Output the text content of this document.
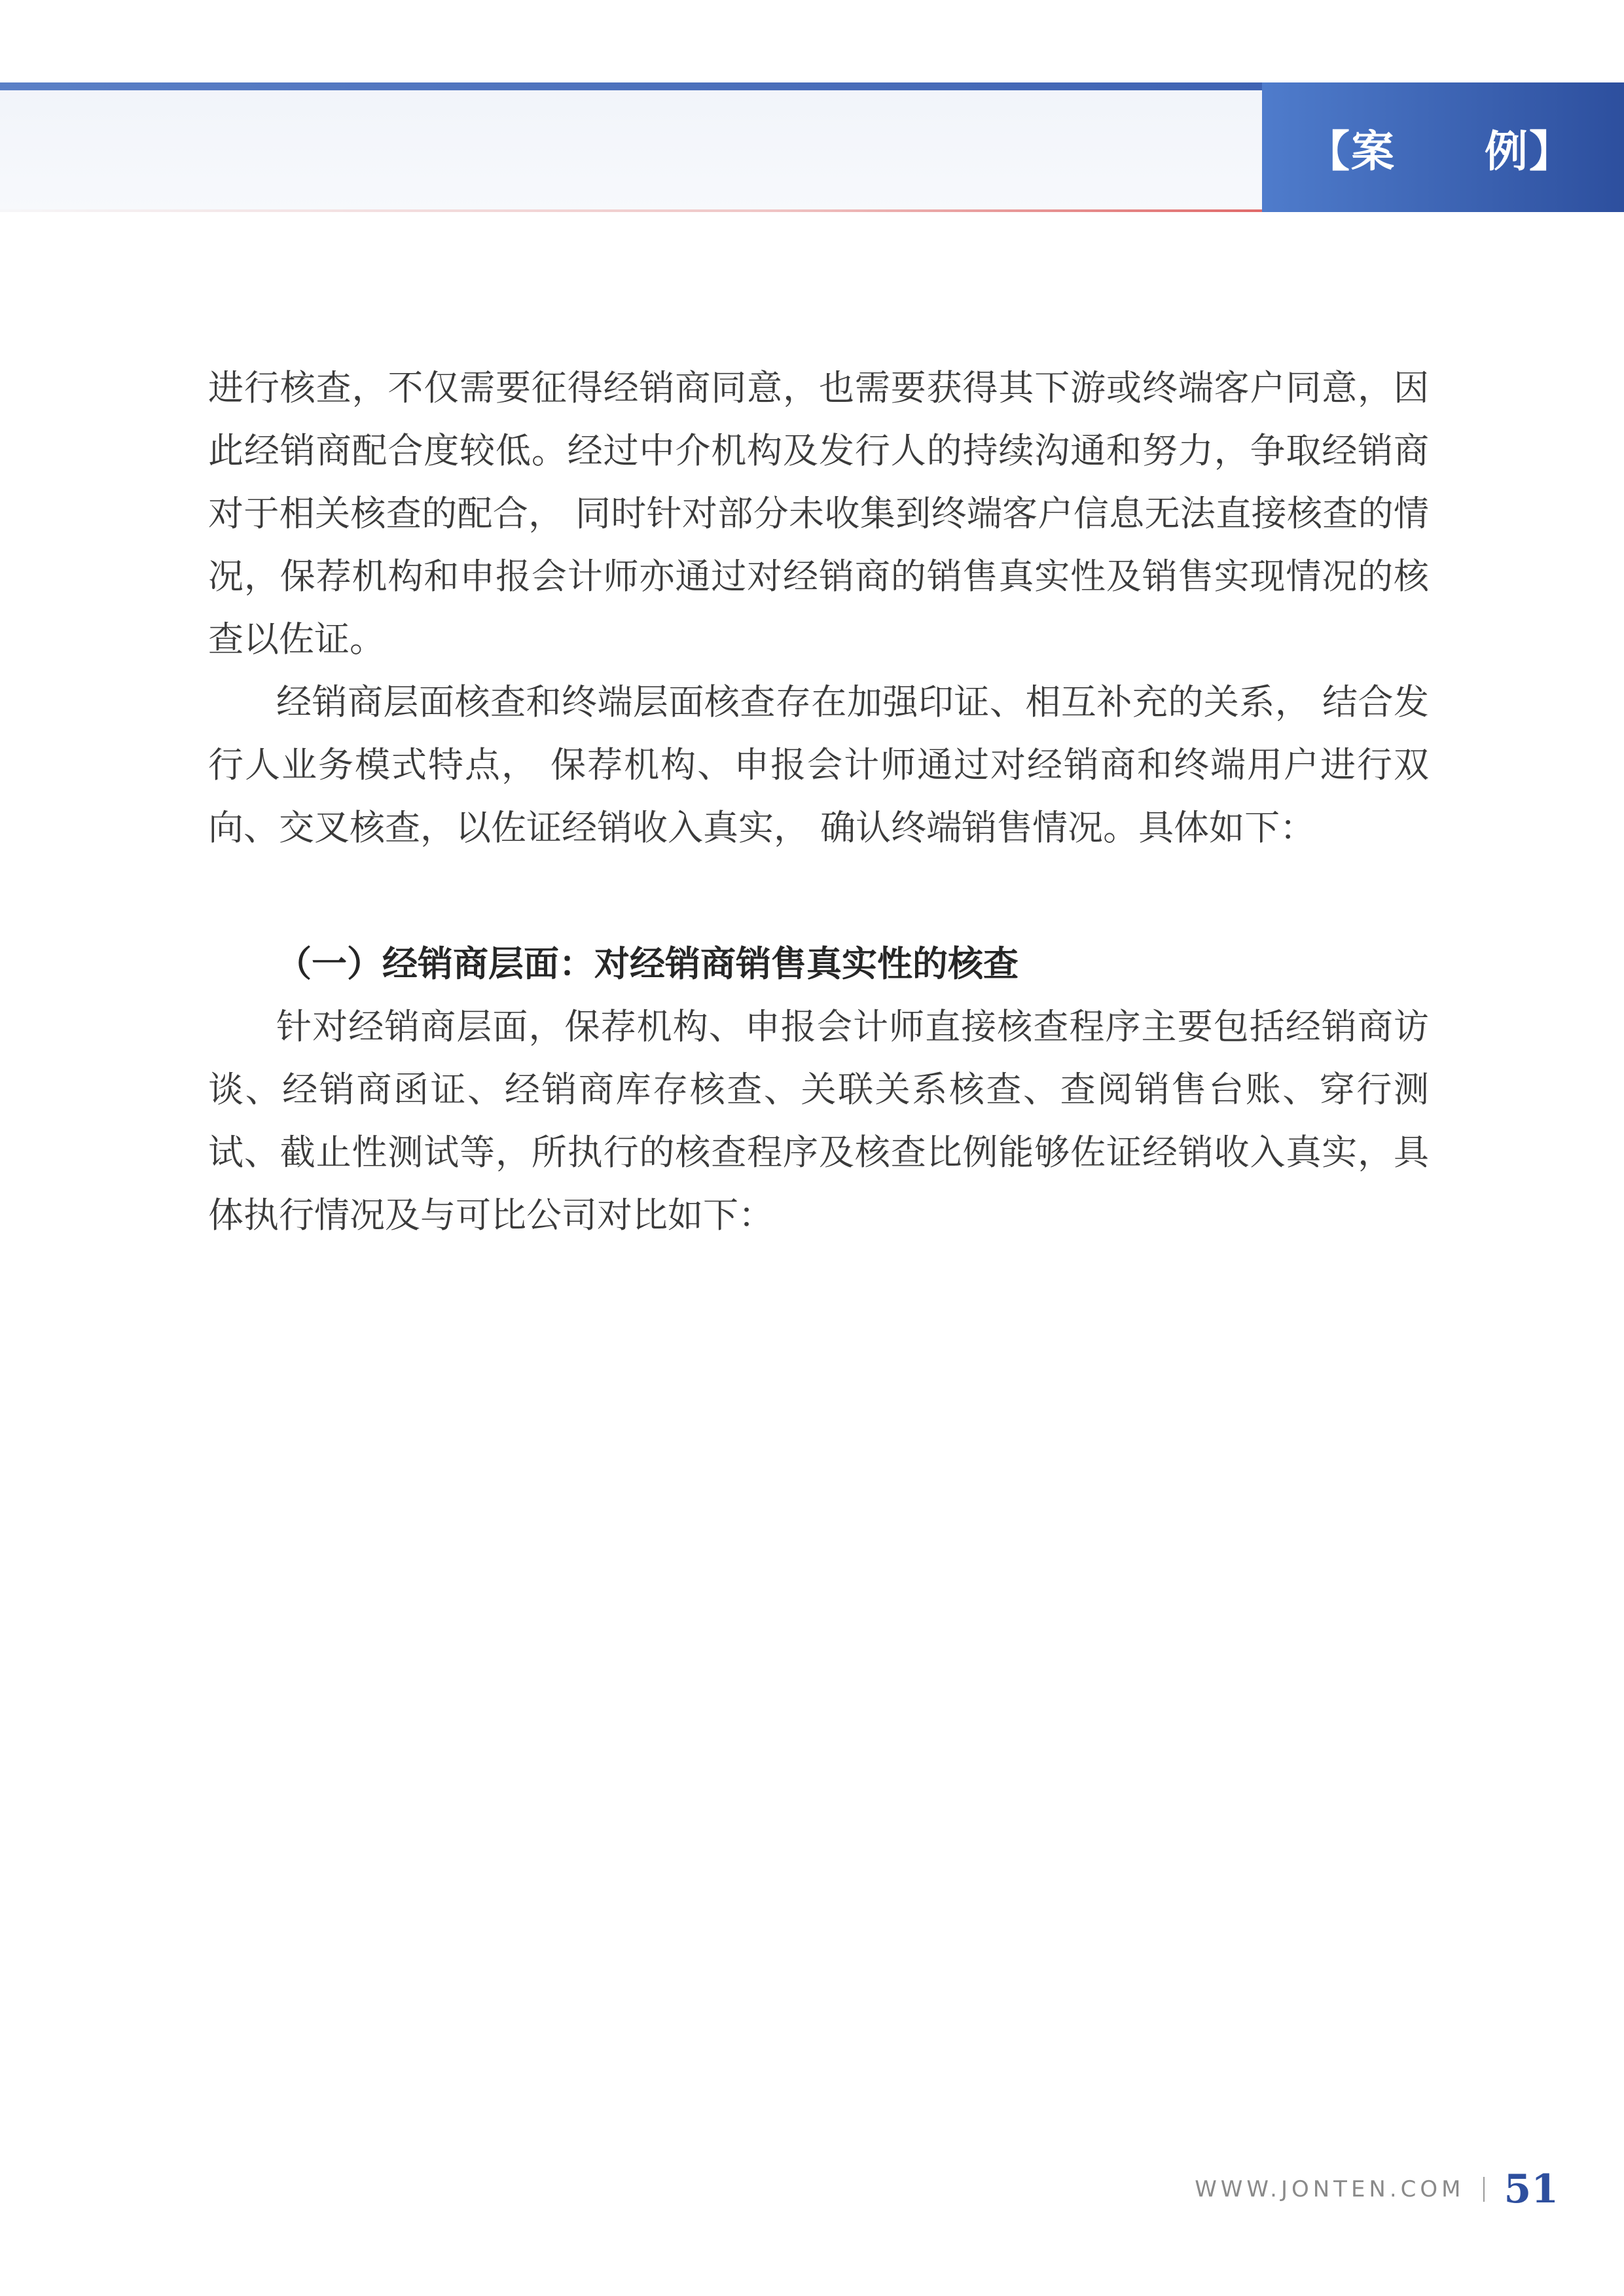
【案　　例】

进行核查，不仅需要征得经销商同意，也需要获得其下游或终端客户同意，因此经销商配合度较低。经过中介机构及发行人的持续沟通和努力，争取经销商对于相关核查的配合， 同时针对部分未收集到终端客户信息无法直接核查的情况，保荐机构和申报会计师亦通过对经销商的销售真实性及销售实现情况的核查以佐证。

经销商层面核查和终端层面核查存在加强印证、相互补充的关系， 结合发行人业务模式特点， 保荐机构、申报会计师通过对经销商和终端用户进行双向、交叉核查，以佐证经销收入真实， 确认终端销售情况。具体如下：

（一）经销商层面：对经销商销售真实性的核查

针对经销商层面，保荐机构、申报会计师直接核查程序主要包括经销商访谈、经销商函证、经销商库存核查、关联关系核查、查阅销售台账、穿行测试、截止性测试等，所执行的核查程序及核查比例能够佐证经销收入真实，具体执行情况及与可比公司对比如下：

WWW.JONTEN.COM 51
